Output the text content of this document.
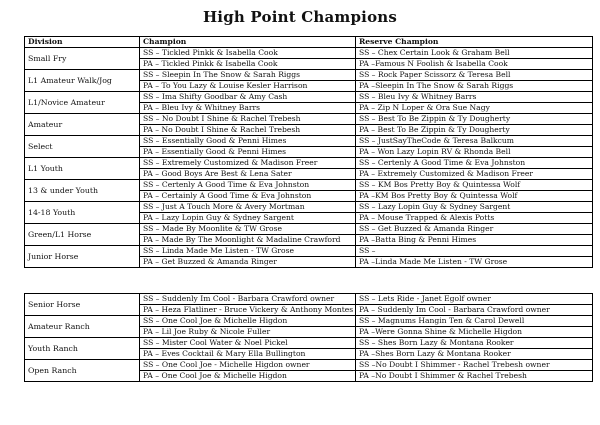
High Point Champions
Division	Champion	Reserve Champion
Small Fry	SS – Tickled Pinkk & Isabella Cook	SS – Chex Certain Look & Graham Bell
	PA – Tickled Pinkk & Isabella Cook	PA –Famous N Foolish & Isabella Cook
L1 Amateur Walk/Jog	SS – Sleepin In The Snow & Sarah Riggs	SS – Rock Paper Scissorz & Teresa Bell
	PA – To You Lazy & Louise Kesler Harrison	PA –Sleepin In The Snow & Sarah Riggs
L1/Novice Amateur	SS – Ima Shifty Goodbar & Amy Cash	SS – Bleu Ivy & Whitney Barrs
	PA – Bleu Ivy & Whitney Barrs	PA – Zip N Loper & Ora Sue Nagy
Amateur	SS – No Doubt I Shine & Rachel Trebesh	SS – Best To Be Zippin & Ty Dougherty
	PA – No Doubt I Shine & Rachel Trebesh	PA – Best To Be Zippin & Ty Dougherty
Select	SS – Essentially Good & Penni Himes	SS – JustSayTheCode & Teresa Balkcum
	PA – Essentially Good & Penni Himes	PA – Won Lazy Lopin RV & Rhonda Bell
L1 Youth	SS – Extremely Customized & Madison Freer	SS – Certenly A Good Time & Eva Johnston
	PA – Good Boys Are Best & Lena Sater	PA – Extremely Customized & Madison Freer
13 & under Youth	SS – Certenly A Good Time & Eva Johnston	SS – KM Bos Pretty Boy & Quintessa Wolf
	PA – Certainly A Good Time & Eva Johnston	PA –KM Bos Pretty Boy & Quintessa Wolf
14-18 Youth	SS – Just A Touch More & Avery Mortman	SS – Lazy Lopin Guy & Sydney Sargent
	PA – Lazy Lopin Guy & Sydney Sargent	PA – Mouse Trapped & Alexis Potts
Green/L1 Horse	SS – Made By Moonlite & TW Grose	SS – Get Buzzed & Amanda Ringer
	PA – Made By The Moonlight & Madaline Crawford	PA –Batta Bing & Penni Himes
Junior Horse	SS – Linda Made Me Listen - TW Grose	SS –
	PA – Get Buzzed & Amanda Ringer	PA –Linda Made Me Listen - TW Grose
Senior Horse	SS – Suddenly Im Cool - Barbara Crawford owner	SS – Lets Ride - Janet Egolf owner
	PA – Heza Flatliner - Bruce Vickery & Anthony Montes	PA – Suddenly Im Cool - Barbara Crawford owner
Amateur Ranch	SS – One Cool Joe & Michelle Higdon	SS – Magnums Hangin Ten & Carol Dewell
	PA – Lil Joe Ruby & Nicole Fuller	PA –Were Gonna Shine & Michelle Higdon
Youth Ranch	SS – Mister Cool Water & Noel Pickel	SS – Shes Born Lazy & Montana Rooker
	PA – Eves Cocktail & Mary Ella Bullington	PA –Shes Born Lazy & Montana Rooker
Open Ranch	SS – One Cool Joe - Michelle Higdon owner	SS –No Doubt I Shimmer - Rachel Trebesh owner
	PA – One Cool Joe & Michelle Higdon	PA –No Doubt I Shimmer & Rachel Trebesh
